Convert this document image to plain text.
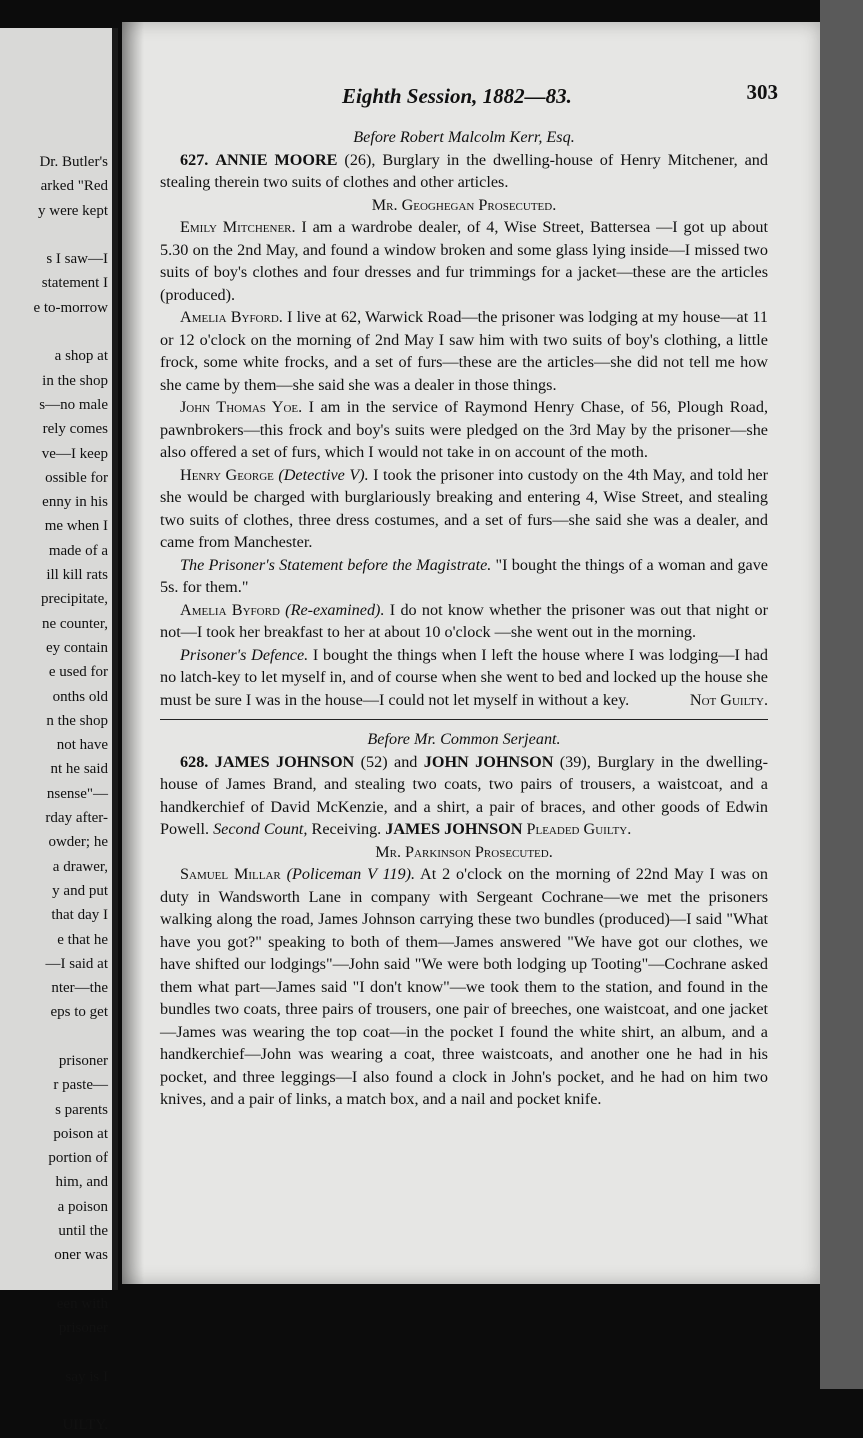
Dr. Butler's
arked "Red
y were kept
s I saw—I
statement I
e to-morrow
a shop at
in the shop
s—no male
rely comes
ve—I keep
ossible for
enny in his
me when I
made of a
ill kill rats
precipitate,
ne counter,
ey contain
e used for
onths old
n the shop
not have
nt he said
nsense"—
rday after-
owder; he
a drawer,
y and put
that day I
e that he
—I said at
nter—the
eps to get
prisoner
r paste—
s parents
poison at
portion of
him, and
a poison
until the
oner was
een with
prisoner
say is I
UILTY.
Eighth Session, 1882—83.	303

Before Robert Malcolm Kerr, Esq.

627. ANNIE MOORE (26), Burglary in the dwelling-house of Henry Mitchener, and stealing therein two suits of clothes and other articles.

Mr. Geoghegan Prosecuted.

Emily Mitchener. I am a wardrobe dealer, of 4, Wise Street, Battersea —I got up about 5.30 on the 2nd May, and found a window broken and some glass lying inside—I missed two suits of boy's clothes and four dresses and fur trimmings for a jacket—these are the articles (produced).

Amelia Byford. I live at 62, Warwick Road—the prisoner was lodging at my house—at 11 or 12 o'clock on the morning of 2nd May I saw him with two suits of boy's clothing, a little frock, some white frocks, and a set of furs—these are the articles—she did not tell me how she came by them—she said she was a dealer in those things.

John Thomas Yoe. I am in the service of Raymond Henry Chase, of 56, Plough Road, pawnbrokers—this frock and boy's suits were pledged on the 3rd May by the prisoner—she also offered a set of furs, which I would not take in on account of the moth.

Henry George (Detective V). I took the prisoner into custody on the 4th May, and told her she would be charged with burglariously breaking and entering 4, Wise Street, and stealing two suits of clothes, three dress costumes, and a set of furs—she said she was a dealer, and came from Manchester.

The Prisoner's Statement before the Magistrate. "I bought the things of a woman and gave 5s. for them."

Amelia Byford (Re-examined). I do not know whether the prisoner was out that night or not—I took her breakfast to her at about 10 o'clock —she went out in the morning.

Prisoner's Defence. I bought the things when I left the house where I was lodging—I had no latch-key to let myself in, and of course when she went to bed and locked up the house she must be sure I was in the house—I could not let myself in without a key.	Not Guilty.

Before Mr. Common Serjeant.

628. JAMES JOHNSON (52) and JOHN JOHNSON (39), Burglary in the dwelling-house of James Brand, and stealing two coats, two pairs of trousers, a waistcoat, and a handkerchief of David McKenzie, and a shirt, a pair of braces, and other goods of Edwin Powell. Second Count, Receiving. JAMES JOHNSON Pleaded Guilty.

Mr. Parkinson Prosecuted.

Samuel Millar (Policeman V 119). At 2 o'clock on the morning of 22nd May I was on duty in Wandsworth Lane in company with Sergeant Cochrane—we met the prisoners walking along the road, James Johnson carrying these two bundles (produced)—I said "What have you got?" speaking to both of them—James answered "We have got our clothes, we have shifted our lodgings"—John said "We were both lodging up Tooting"—Cochrane asked them what part—James said "I don't know"—we took them to the station, and found in the bundles two coats, three pairs of trousers, one pair of breeches, one waistcoat, and one jacket—James was wearing the top coat—in the pocket I found the white shirt, an album, and a handkerchief—John was wearing a coat, three waistcoats, and another one he had in his pocket, and three leggings—I also found a clock in John's pocket, and he had on him two knives, and a pair of links, a match box, and a nail and pocket knife.
